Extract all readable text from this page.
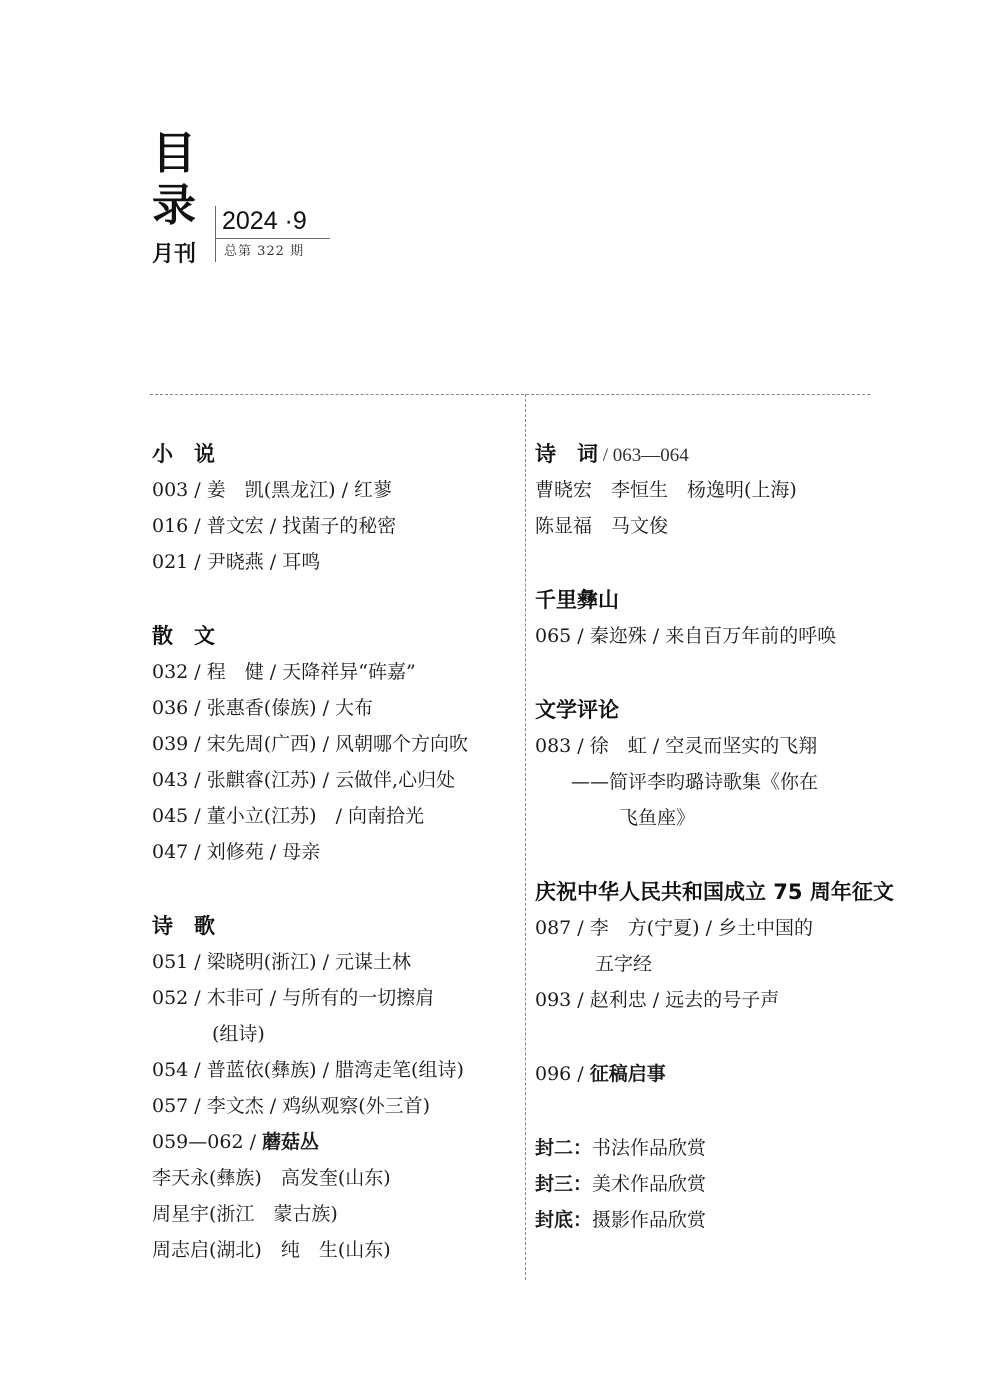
目
录
月刊
2024 ·9
总第 322 期
小　说
003 / 姜　凯(黑龙江) / 红蓼
016 / 普文宏 / 找菌子的秘密
021 / 尹晓燕 / 耳鸣
散　文
032 / 程　健 / 天降祥异“砗嘉”
036 / 张惠香(傣族) / 大布
039 / 宋先周(广西) / 风朝哪个方向吹
043 / 张麒睿(江苏) / 云做伴,心归处
045 / 董小立(江苏)　/ 向南拾光
047 / 刘修苑 / 母亲
诗　歌
051 / 梁晓明(浙江) / 元谋土林
052 / 木非可 / 与所有的一切擦肩
(组诗)
054 / 普蓝依(彝族) / 腊湾走笔(组诗)
057 / 李文杰 / 鸡纵观察(外三首)
059—062 / 蘑菇丛
李天永(彝族)　高发奎(山东)
周星宇(浙江　蒙古族)
周志启(湖北)　纯　生(山东)
诗　词 / 063—064
曹晓宏　李恒生　杨逸明(上海)
陈显福　马文俊
千里彝山
065 / 秦迩殊 / 来自百万年前的呼唤
文学评论
083 / 徐　虹 / 空灵而坚实的飞翔
——简评李昀璐诗歌集《你在
飞鱼座》
庆祝中华人民共和国成立 75 周年征文
087 / 李　方(宁夏) / 乡土中国的
五字经
093 / 赵利忠 / 远去的号子声
096 / 征稿启事
封二：书法作品欣赏
封三：美术作品欣赏
封底：摄影作品欣赏
